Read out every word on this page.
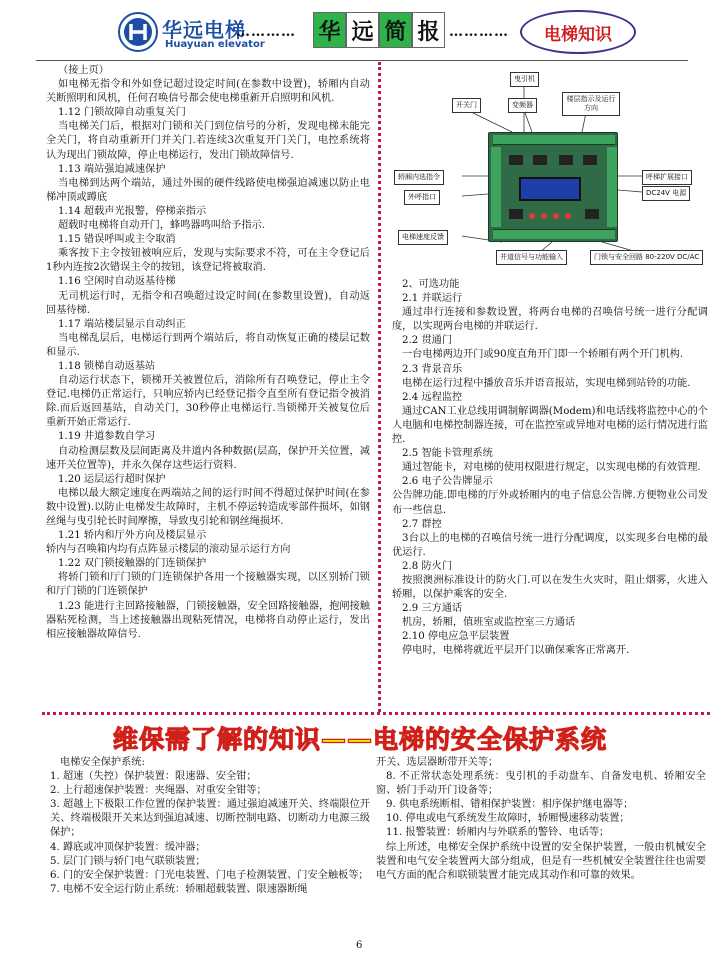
华远电梯
Huayuan elevator
………… 华 远 简 报 …………	电梯知识

（接上页）

如电梯无指令和外如登记超过设定时间(在参数中设置)，轿厢内自动关断照明和风机，任何召唤信号都会使电梯重新开启照明和风机.

1.12 门锁故障自动重复关门

当电梯关门后，根据对门锁和关门到位信号的分析，发现电梯未能完全关门，将自动重新开门并关门.若连续3次重复开门关门，电控系统将认为现出门锁故障，停止电梯运行，发出门锁故障信号.

1.13 端站强迫减速保护

当电梯到达两个端站，通过外围的硬件线路使电梯强迫减速以防止电梯冲顶或蹲底

1.14 超载声光报警，停梯亲指示

超载时电梯将自动开门，蜂鸣器鸣叫给予指示.

1.15 错误呼叫或主令取消

乘客按下主令按钮被响应后，发现与实际要求不符，可在主令登记后1秒内连按2次错误主令的按钮，该登记将被取消.

1.16 空闲时自动返基待梯

无司机运行时，无指令和召唤超过设定时间(在参数里设置)，自动返回基待梯.

1.17 端站楼层显示自动纠正

当电梯乱层后，电梯运行到两个端站后，将自动恢复正确的楼层记数和显示.

1.18 锁梯自动返基站

自动运行状态下，锁梯开关被置位后，消除所有召唤登记，停止主令登记.电梯仍正常运行，只响应轿内已经登记指令直至所有登记指令被消除.而后返回基站，自动关门，30秒停止电梯运行.当锁梯开关被复位后重新开始正常运行.

1.19 井道参数自学习

自动检测层数及层间距离及井道内各种数据(层高，保护开关位置，减速开关位置等)，并永久保存这些运行资料.

1.20 运层运行超时保护

电梯以最大额定速度在两端站之间的运行时间不得超过保护时间(在参数中设置).以防止电梯发生故障时，主机不停运转造成零部件损坏，如钢丝绳与曳引轮长时间摩擦，导致曳引轮和钢丝绳损坏.

1.21 轿内和厅外方向及楼层显示

轿内与召唤箱内均有点阵显示楼层的滚动显示运行方向

1.22 双门锁接触器的门连锁保护

将轿门锁和厅门锁的门连锁保护各用一个接触器实现，以区别轿门锁和厅门锁的门连锁保护

1.23 能进行主回路接触器，门锁接触器，安全回路接触器，抱闸接触器粘死检测，当上述接触器出现粘死情况，电梯将自动停止运行，发出相应接触器故障信号.

曳引机
开关门	变频器
楼层指示及运行方向
轿厢内选指令
外呼指口
呼梯扩展接口
DC24V 电源
电梯速度反馈
井道信号与功能输入	门锁与安全回路 80-220V DC/AC

2、可选功能

2.1 并联运行

通过串行连接和参数设置，将两台电梯的召唤信号统一进行分配调度，以实现两台电梯的并联运行.

2.2 贯通门

一台电梯两边开门或90度直角开门即一个轿厢有两个开门机构.

2.3 背景音乐

电梯在运行过程中播放音乐并语音报站，实现电梯到站铃的功能.

2.4 远程监控

通过CAN工业总线用调制解调器(Modem)和电话线将监控中心的个人电脑和电梯控制器连接，可在监控室或异地对电梯的运行情况进行监控.

2.5 智能卡管理系统

通过智能卡，对电梯的使用权限进行规定，以实现电梯的有效管理.

2.6 电子公告牌显示

公告牌功能.即电梯的厅外或轿厢内的电子信息公告牌.方便物业公司发布一些信息.

2.7 群控

3台以上的电梯的召唤信号统一进行分配调度，以实现多台电梯的最优运行.

2.8 防火门

按照澳洲标准设计的防火门.可以在发生火灾时，阻止烟雾，火进入轿厢，以保护乘客的安全.

2.9 三方通话

机房，轿厢，值班室或监控室三方通话

2.10 停电应急平层装置

停电时，电梯将就近平层开门以确保乘客正常离开.

维保需了解的知识——电梯的安全保护系统

电梯安全保护系统:

1. 超速（失控）保护装置：限速器、安全钳；

2. 上行超速保护装置：夹绳器、对重安全钳等；

3. 超越上下极限工作位置的保护装置：通过强迫减速开关、终端限位开关、终端极限开关来达到强迫减速、切断控制电路、切断动力电源三级保护；

4. 蹲底或冲顶保护装置：缓冲器；

5. 层门门锁与轿门电气联锁装置；

6. 门的安全保护装置：门光电装置、门电子检测装置、门安全触板等；

7. 电梯不安全运行防止系统：轿厢超载装置、限速器断绳

开关、选层器断带开关等；

8. 不正常状态处理系统：曳引机的手动盘车、自备发电机、轿厢安全窗、轿门手动开门设备等；

9. 供电系统断相、错相保护装置：相序保护继电器等；

10. 停电或电气系统发生故障时，轿厢慢速移动装置；

11. 报警装置：轿厢内与外联系的警铃、电话等；

综上所述，电梯安全保护系统中设置的安全保护装置，一般由机械安全装置和电气安全装置两大部分组成，但是有一些机械安全装置往往也需要电气方面的配合和联锁装置才能完成其动作和可靠的效果。

6
